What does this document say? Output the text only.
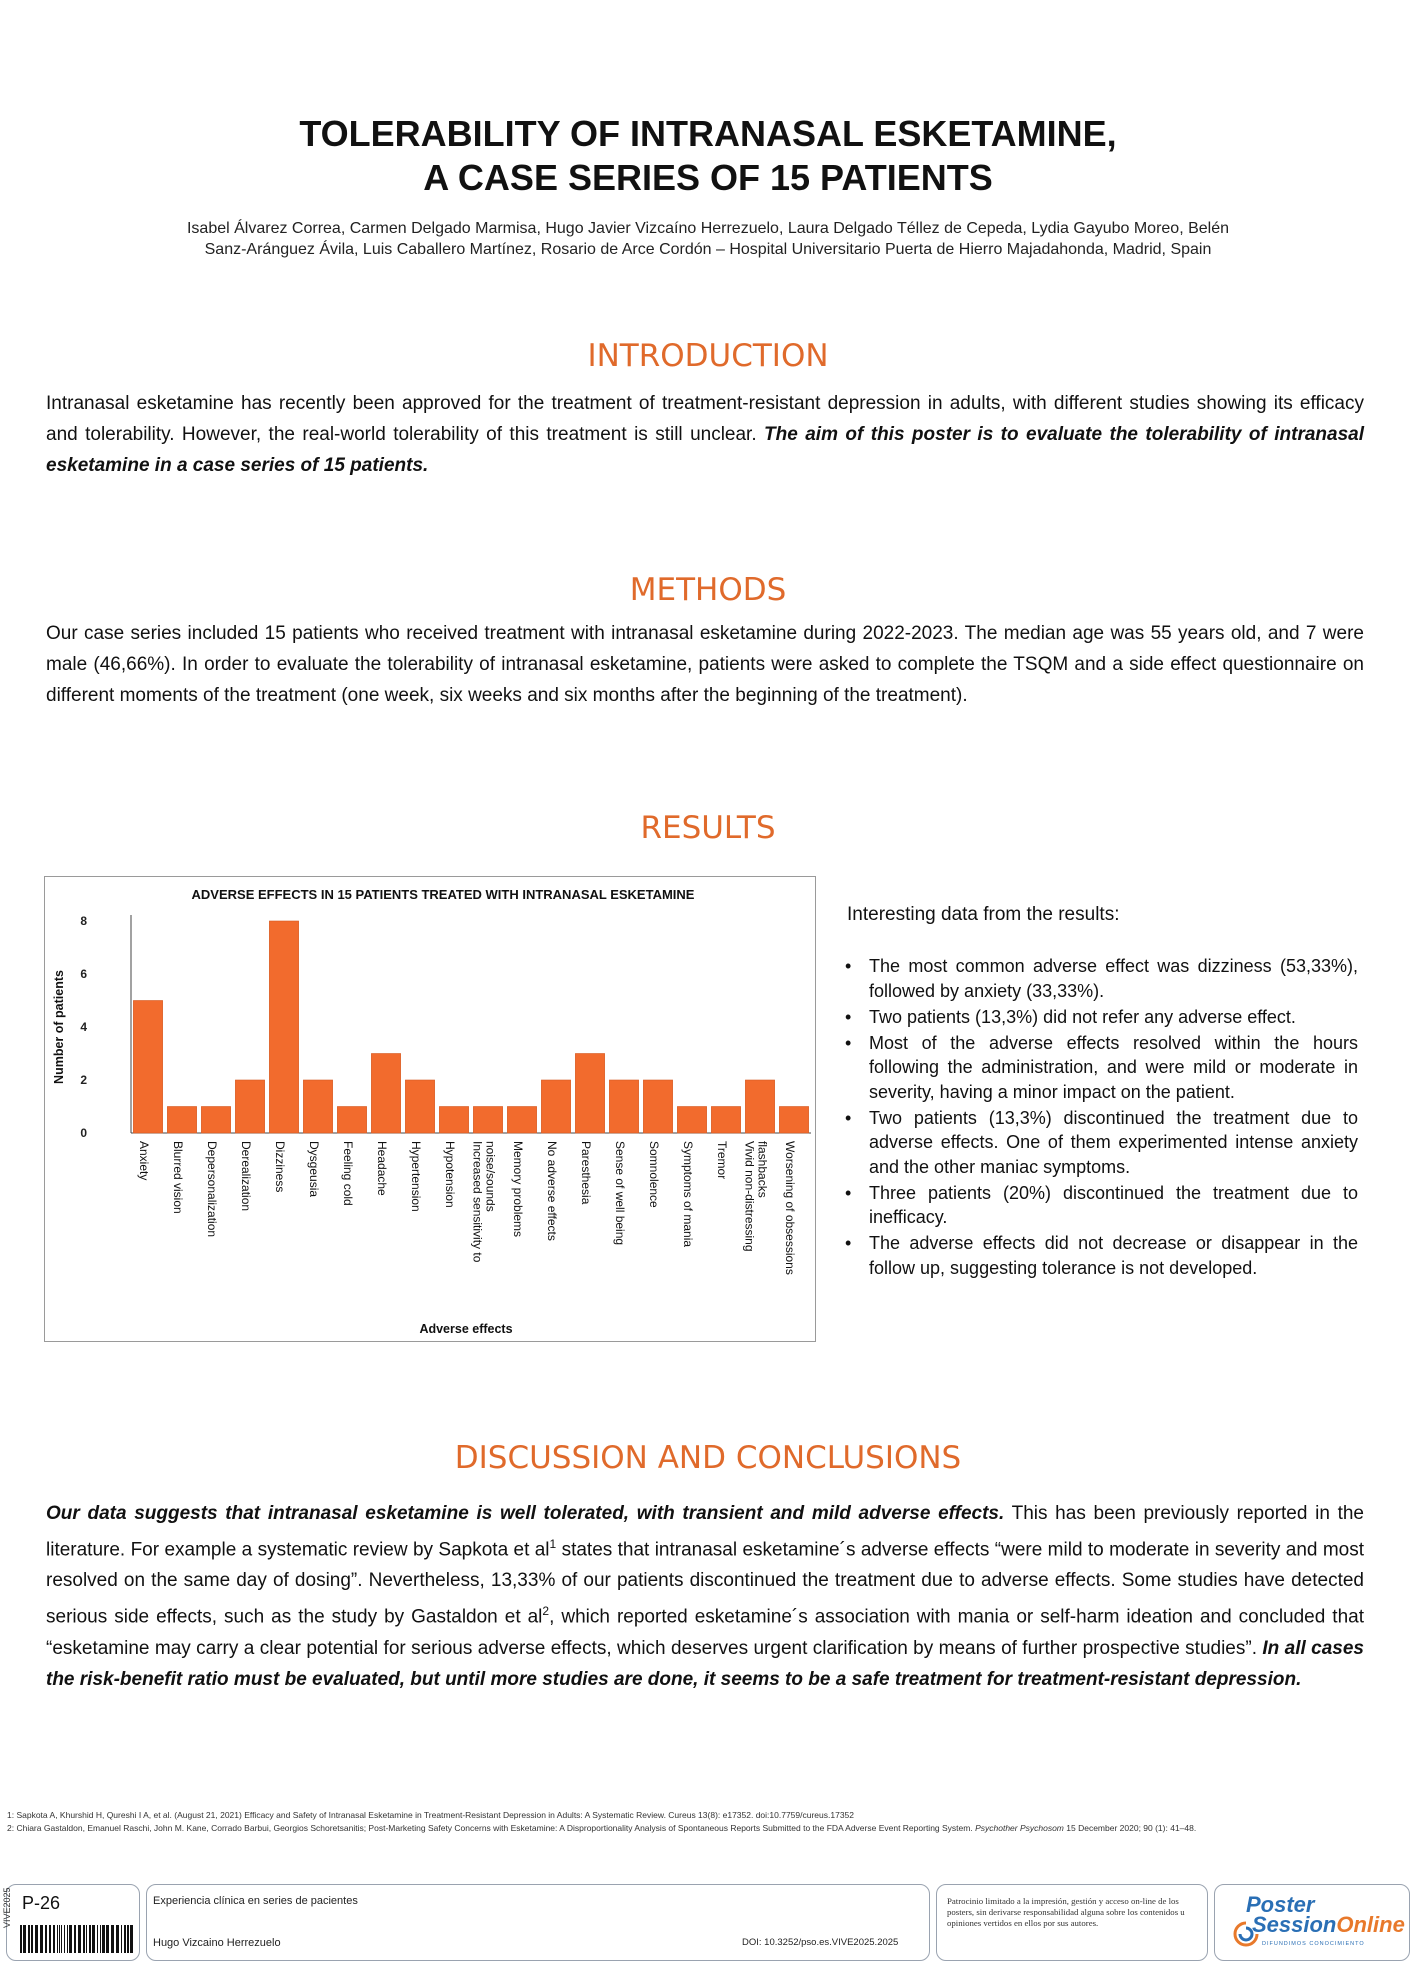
TOLERABILITY OF INTRANASAL ESKETAMINE,
A CASE SERIES OF 15 PATIENTS
Isabel Álvarez Correa, Carmen Delgado Marmisa, Hugo Javier Vizcaíno Herrezuelo, Laura Delgado Téllez de Cepeda, Lydia Gayubo Moreo, Belén
Sanz-Aránguez Ávila, Luis Caballero Martínez, Rosario de Arce Cordón – Hospital Universitario Puerta de Hierro Majadahonda, Madrid, Spain
INTRODUCTION

Intranasal esketamine has recently been approved for the treatment of treatment-resistant depression in adults, with different studies showing its efficacy and tolerability. However, the real-world tolerability of this treatment is still unclear. The aim of this poster is to evaluate the tolerability of intranasal esketamine in a case series of 15 patients.

METHODS

Our case series included 15 patients who received treatment with intranasal esketamine during 2022-2023. The median age was 55 years old, and 7 were male (46,66%). In order to evaluate the tolerability of intranasal esketamine, patients were asked to complete the TSQM and a side effect questionnaire on different moments of the treatment (one week, six weeks and six months after the beginning of the treatment).

RESULTS
ADVERSE EFFECTS IN 15 PATIENTS TREATED WITH INTRANASAL ESKETAMINE
0
2
4
6
8
Number of patients
Anxiety Blurred vision Depersonalization Derealization Dizziness Dysgeusia Feeling cold Headache Hypertension Hypotension Increased sensitivity to noise/sounds Memory problems No adverse effects Paresthesia Sense of well being Somnolence Symptoms of mania Tremor Vivid non-distressing flashbacks Worsening of obsessions
Adverse effects
Interesting data from the results:
• The most common adverse effect was dizziness (53,33%), followed by anxiety (33,33%).
• Two patients (13,3%) did not refer any adverse effect.
• Most of the adverse effects resolved within the hours following the administration, and were mild or moderate in severity, having a minor impact on the patient.
• Two patients (13,3%) discontinued the treatment due to adverse effects. One of them experimented intense anxiety and the other maniac symptoms.
• Three patients (20%) discontinued the treatment due to inefficacy.
• The adverse effects did not decrease or disappear in the follow up, suggesting tolerance is not developed.
DISCUSSION AND CONCLUSIONS

Our data suggests that intranasal esketamine is well tolerated, with transient and mild adverse effects. This has been previously reported in the literature. For example a systematic review by Sapkota et $al^1$ states that intranasal esketamine´s adverse effects “were mild to moderate in severity and most resolved on the same day of dosing”. Nevertheless, 13,33% of our patients discontinued the treatment due to adverse effects. Some studies have detected serious side effects, such as the study by Gastaldon et $al^2$, which reported esketamine´s association with mania or self-harm ideation and concluded that “esketamine may carry a clear potential for serious adverse effects, which deserves urgent clarification by means of further prospective studies”. In all cases the risk-benefit ratio must be evaluated, but until more studies are done, it seems to be a safe treatment for treatment-resistant depression.

1: Sapkota A, Khurshid H, Qureshi I A, et al. (August 21, 2021) Efficacy and Safety of Intranasal Esketamine in Treatment-Resistant Depression in Adults: A Systematic Review. Cureus 13(8): e17352. doi:10.7759/cureus.17352
2: Chiara Gastaldon, Emanuel Raschi, John M. Kane, Corrado Barbui, Georgios Schoretsanitis; Post-Marketing Safety Concerns with Esketamine: A Disproportionality Analysis of Spontaneous Reports Submitted to the FDA Adverse Event Reporting System. Psychother Psychosom 15 December 2020; 90 (1): 41–48.
VIVE2025 P-26	Experiencia clínica en series de pacientes
Hugo Vizcaino Herrezuelo	DOI: 10.3252/pso.es.VIVE2025.2025
Patrocinio limitado a la impresión, gestión y acceso on-line de los posters, sin derivarse responsabilidad alguna sobre los contenidos u opiniones vertidos en ellos por sus autores.
Poster
SessionOnline
DIFUNDIMOS CONOCIMIENTO
